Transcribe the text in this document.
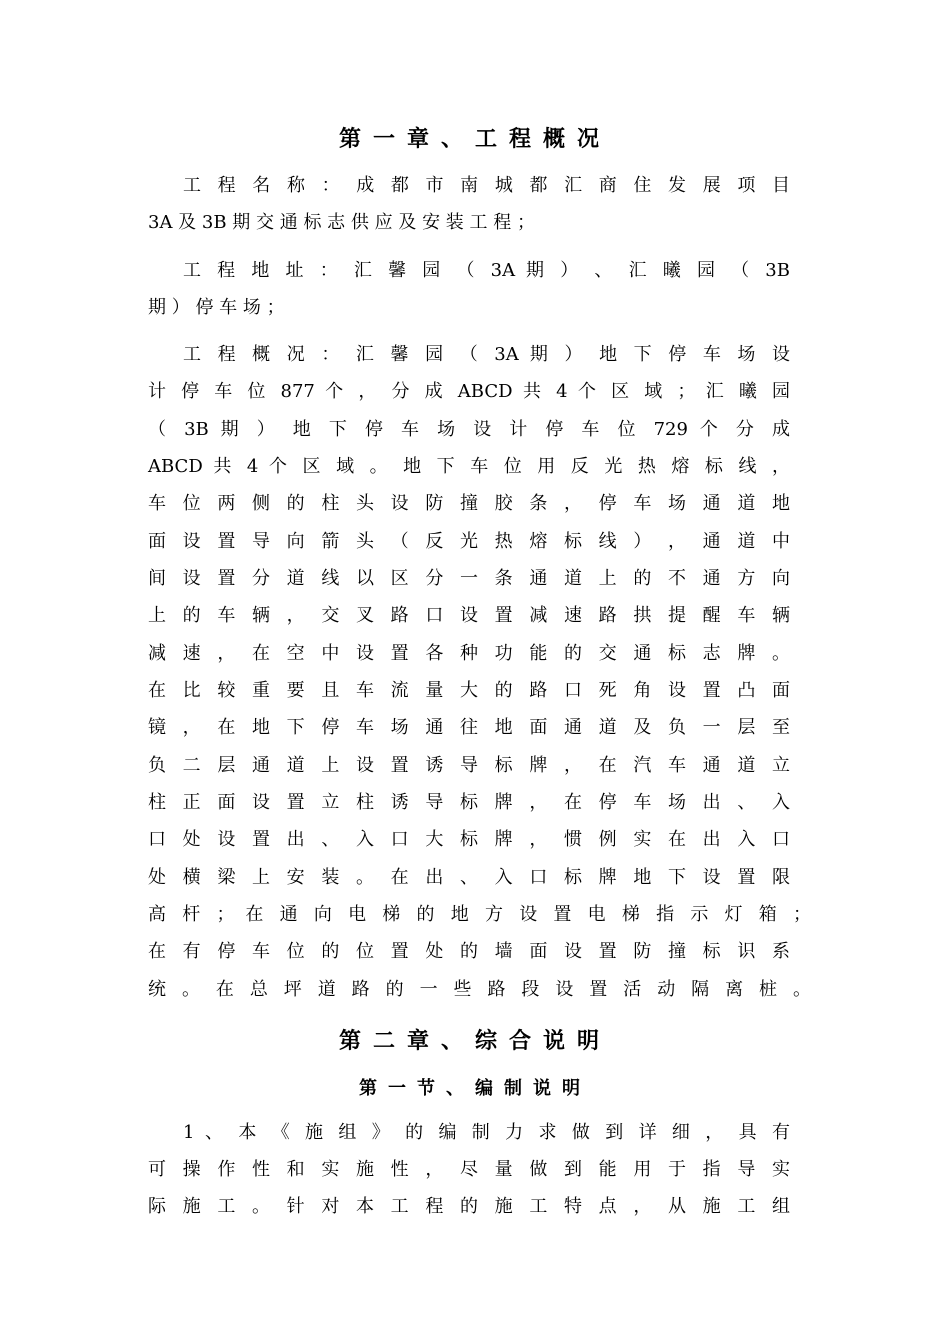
第一章、工程概况
工 程 名 称 ： 成 都 市 南 城 都 汇 商 住 发 展 项 目
3A 及 3B 期 交 通 标 志 供 应 及 安 装 工 程 ；
工 程 地 址 ： 汇 馨 园 （ 3A 期 ） 、 汇 曦 园 （ 3B
期 ） 停 车 场 ；
工 程 概 况 ： 汇 馨 园 （ 3A 期 ） 地 下 停 车 场 设
计 停 车 位 877 个 ， 分 成 ABCD 共 4 个 区 域 ； 汇 曦 园
（ 3B 期 ） 地 下 停 车 场 设 计 停 车 位 729 个 分 成
ABCD 共 4 个 区 域 。 地 下 车 位 用 反 光 热 熔 标 线 ，
车 位 两 侧 的 柱 头 设 防 撞 胶 条 ， 停 车 场 通 道 地
面 设 置 导 向 箭 头 （ 反 光 热 熔 标 线 ） ， 通 道 中
间 设 置 分 道 线 以 区 分 一 条 通 道 上 的 不 通 方 向
上 的 车 辆 ， 交 叉 路 口 设 置 减 速 路 拱 提 醒 车 辆
减 速 ， 在 空 中 设 置 各 种 功 能 的 交 通 标 志 牌 。
在 比 较 重 要 且 车 流 量 大 的 路 口 死 角 设 置 凸 面
镜 ， 在 地 下 停 车 场 通 往 地 面 通 道 及 负 一 层 至
负 二 层 通 道 上 设 置 诱 导 标 牌 ， 在 汽 车 通 道 立
柱 正 面 设 置 立 柱 诱 导 标 牌 ， 在 停 车 场 出 、 入
口 处 设 置 出 、 入 口 大 标 牌 ， 惯 例 实 在 出 入 口
处 横 梁 上 安 装 。 在 出 、 入 口 标 牌 地 下 设 置 限
高 杆 ； 在 通 向 电 梯 的 地 方 设 置 电 梯 指 示 灯 箱 ；
在 有 停 车 位 的 位 置 处 的 墙 面 设 置 防 撞 标 识 系
统 。 在 总 坪 道 路 的 一 些 路 段 设 置 活 动 隔 离 桩 。
第二章、综合说明
第一节、编制说明
1 、 本 《 施 组 》 的 编 制 力 求 做 到 详 细 ， 具 有
可 操 作 性 和 实 施 性 ， 尽 量 做 到 能 用 于 指 导 实
际 施 工 。 针 对 本 工 程 的 施 工 特 点 ， 从 施 工 组
